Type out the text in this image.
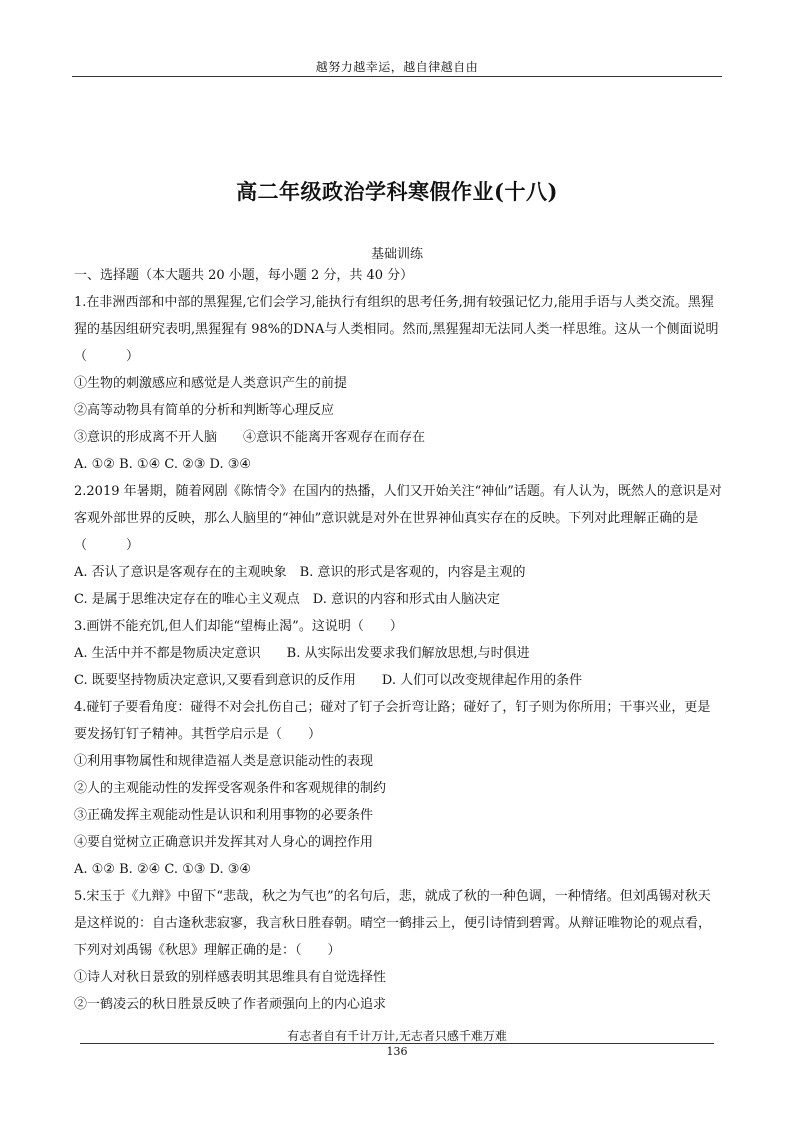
越努力越幸运，越自律越自由
高二年级政治学科寒假作业(十八)
基础训练

一、选择题（本大题共 20 小题，每小题 2 分，共 40 分）

1.在非洲西部和中部的黑猩猩,它们会学习,能执行有组织的思考任务,拥有较强记忆力,能用手语与人类交流。黑猩猩的基因组研究表明,黑猩猩有 98%的DNA与人类相同。然而,黑猩猩却无法同人类一样思维。这从一个侧面说明（　　　）

①生物的刺激感应和感觉是人类意识产生的前提

②高等动物具有简单的分析和判断等心理反应

③意识的形成离不开人脑　　④意识不能离开客观存在而存在

A. ①② B. ①④ C. ②③ D. ③④

2.2019 年暑期，随着网剧《陈情令》在国内的热播，人们又开始关注“神仙”话题。有人认为，既然人的意识是对客观外部世界的反映，那么人脑里的“神仙”意识就是对外在世界神仙真实存在的反映。下列对此理解正确的是（　　　）

A. 否认了意识是客观存在的主观映象　B. 意识的形式是客观的，内容是主观的

C. 是属于思维决定存在的唯心主义观点　D. 意识的内容和形式由人脑决定

3.画饼不能充饥,但人们却能“望梅止渴”。这说明（　　）

A. 生活中并不都是物质决定意识　　B. 从实际出发要求我们解放思想,与时俱进

C. 既要坚持物质决定意识,又要看到意识的反作用　　D. 人们可以改变规律起作用的条件

4.碰钉子要看角度：碰得不对会扎伤自己；碰对了钉子会折弯让路；碰好了，钉子则为你所用；干事兴业，更是要发扬钉钉子精神。其哲学启示是（　　）

①利用事物属性和规律造福人类是意识能动性的表现

②人的主观能动性的发挥受客观条件和客观规律的制约

③正确发挥主观能动性是认识和利用事物的必要条件

④要自觉树立正确意识并发挥其对人身心的调控作用

A. ①② B. ②④ C. ①③ D. ③④

5.宋玉于《九辩》中留下“悲哉，秋之为气也”的名句后，悲，就成了秋的一种色调，一种情绪。但刘禹锡对秋天是这样说的：自古逢秋悲寂寥，我言秋日胜春朝。晴空一鹤排云上，便引诗情到碧霄。从辩证唯物论的观点看，下列对刘禹锡《秋思》理解正确的是：（　　）

①诗人对秋日景致的别样感表明其思维具有自觉选择性

②一鹤凌云的秋日胜景反映了作者顽强向上的内心追求

有志者自有千计万计,无志者只感千难万难
136
